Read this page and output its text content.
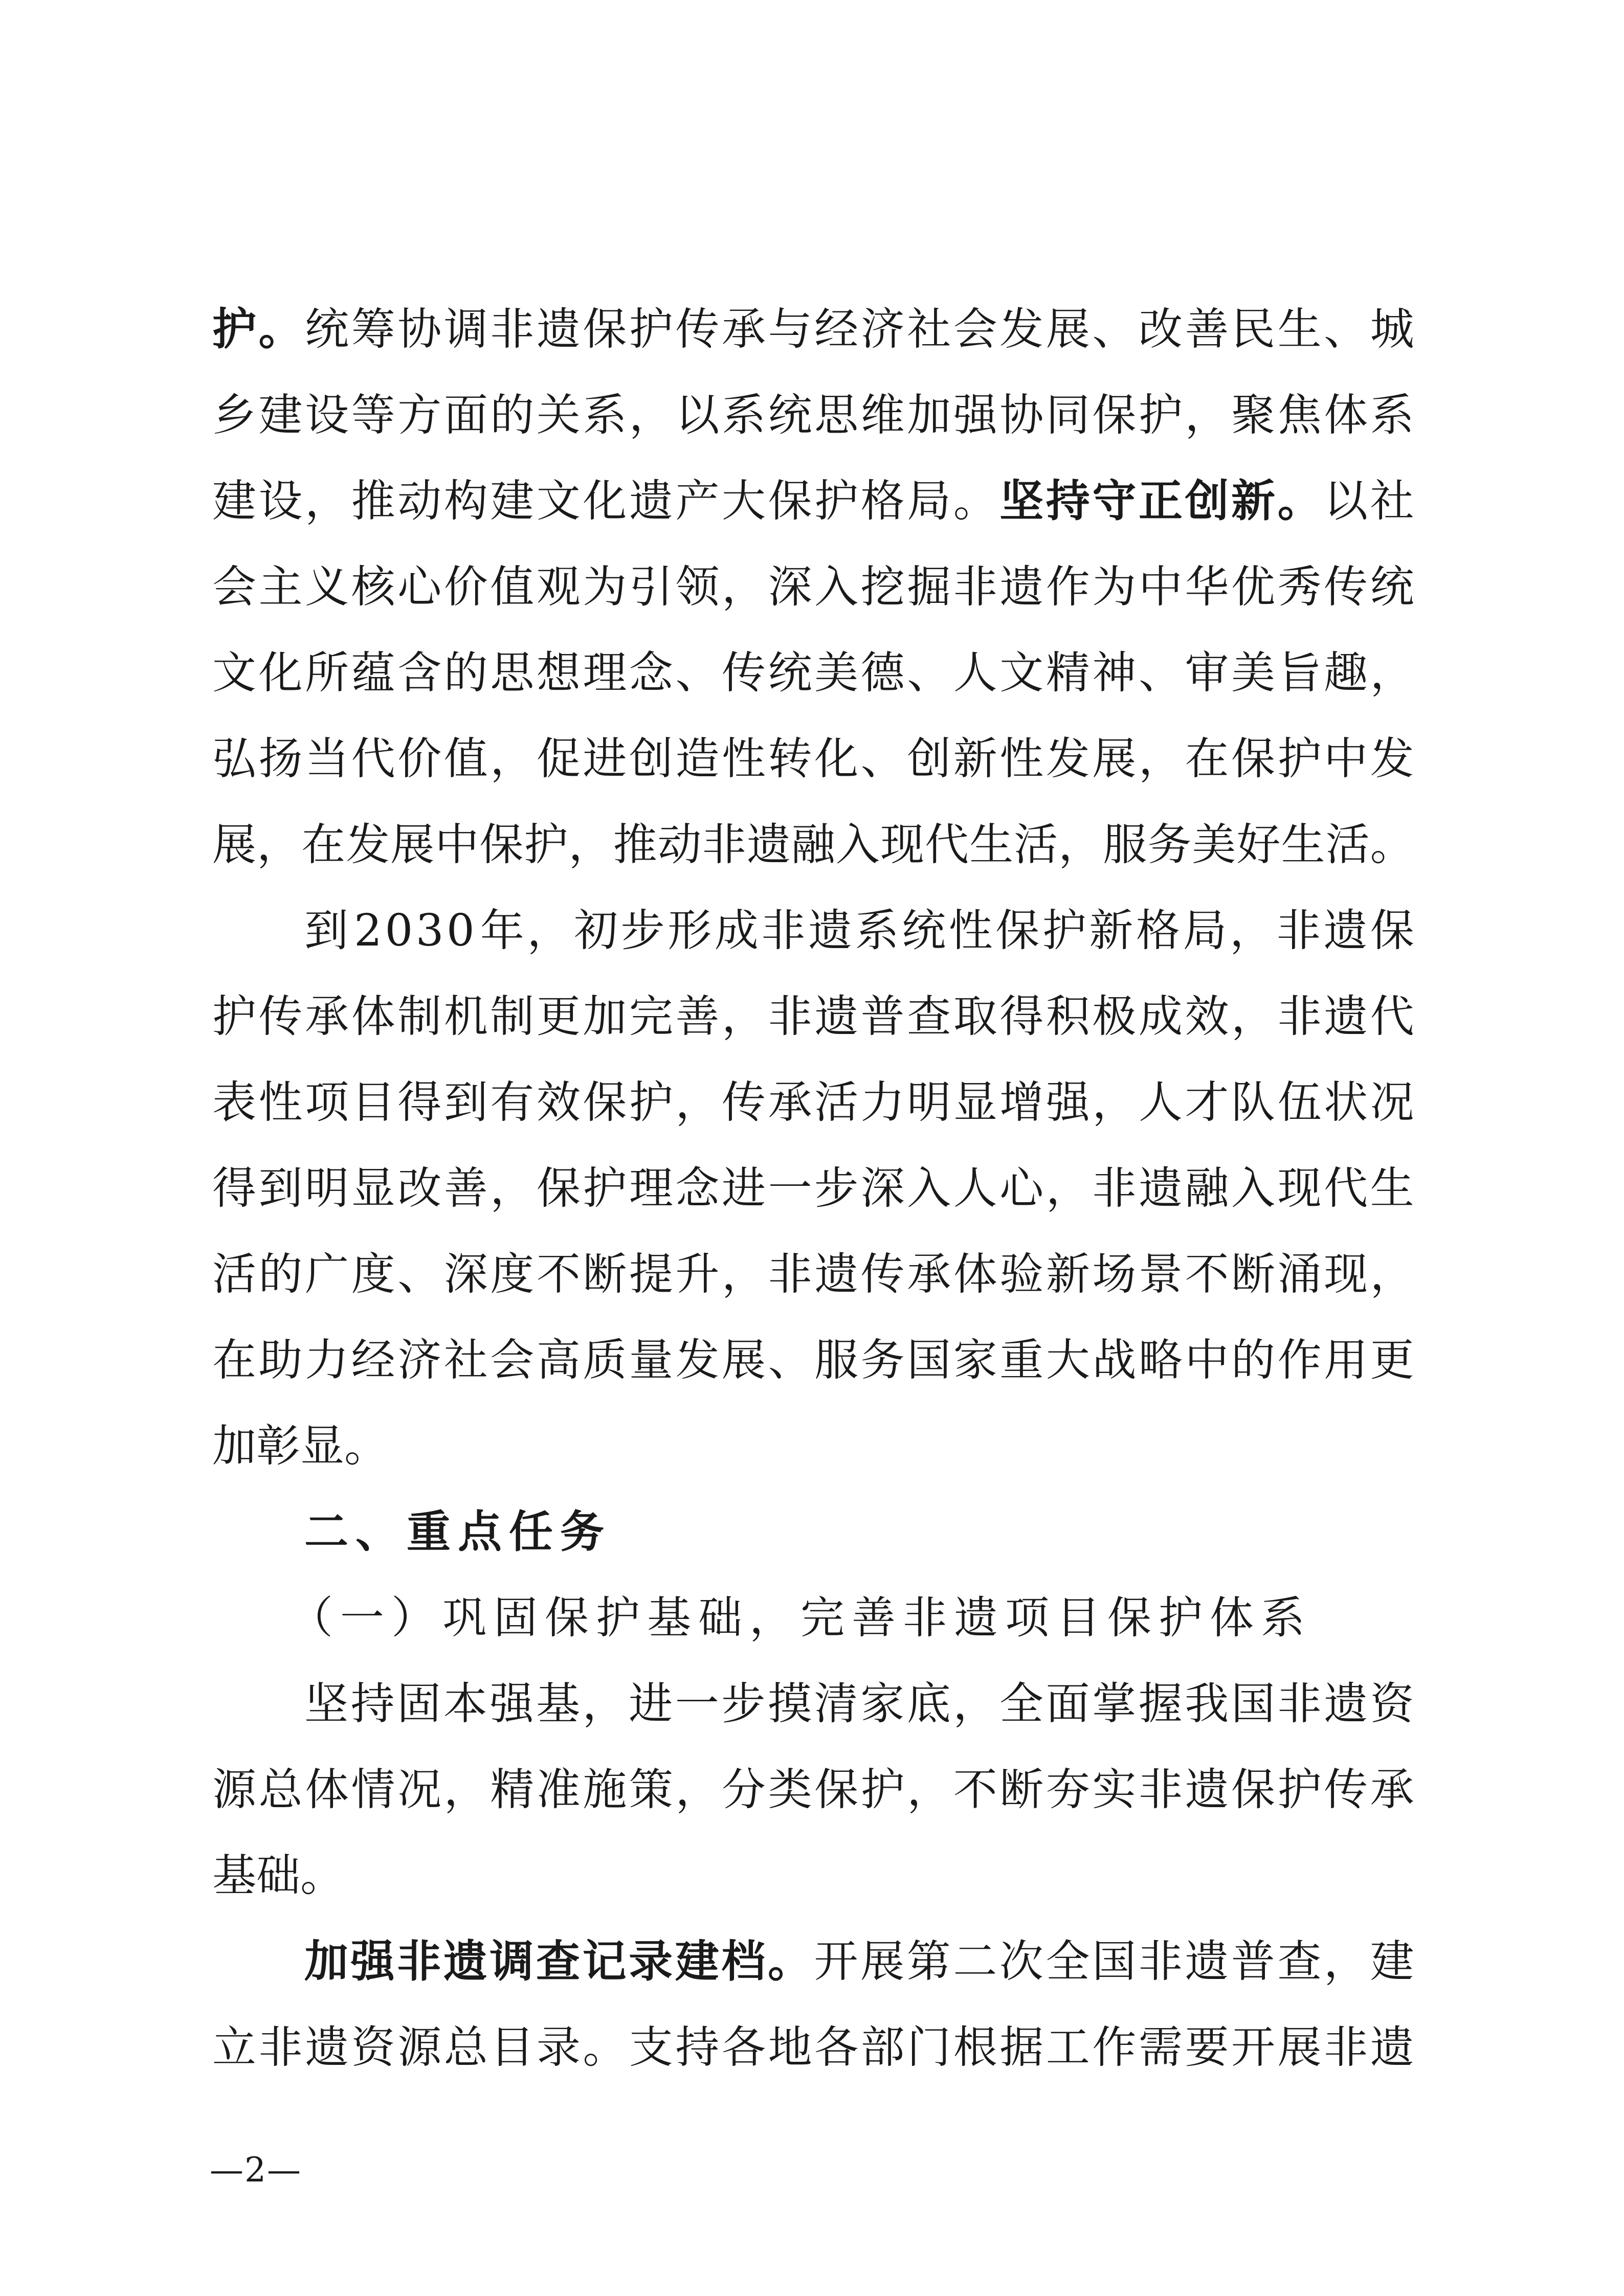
护 。 统 筹 协 调 非 遗 保 护 传 承 与 经 济 社 会 发 展 、 改 善 民 生 、 城
乡 建 设 等 方 面 的 关 系 ， 以 系 统 思 维 加 强 协 同 保 护 ， 聚 焦 体 系
建 设 ， 推 动 构 建 文 化 遗 产 大 保 护 格 局 。 坚 持 守 正 创 新 。 以 社
会 主 义 核 心 价 值 观 为 引 领 ， 深 入 挖 掘 非 遗 作 为 中 华 优 秀 传 统
文 化 所 蕴 含 的 思 想 理 念 、 传 统 美 德 、 人 文 精 神 、 审 美 旨 趣 ，
弘 扬 当 代 价 值 ， 促 进 创 造 性 转 化 、 创 新 性 发 展 ， 在 保 护 中 发
展 ， 在 发 展 中 保 护 ， 推 动 非 遗 融 入 现 代 生 活 ， 服 务 美 好 生 活 。
到 2 0 3 0 年 ， 初 步 形 成 非 遗 系 统 性 保 护 新 格 局 ， 非 遗 保
护 传 承 体 制 机 制 更 加 完 善 ， 非 遗 普 查 取 得 积 极 成 效 ， 非 遗 代
表 性 项 目 得 到 有 效 保 护 ， 传 承 活 力 明 显 增 强 ， 人 才 队 伍 状 况
得 到 明 显 改 善 ， 保 护 理 念 进 一 步 深 入 人 心 ， 非 遗 融 入 现 代 生
活 的 广 度 、 深 度 不 断 提 升 ， 非 遗 传 承 体 验 新 场 景 不 断 涌 现 ，
在 助 力 经 济 社 会 高 质 量 发 展 、 服 务 国 家 重 大 战 略 中 的 作 用 更
加 彰 显 。
二、重点任务
（一）巩固保护基础，完善非遗项目保护体系
坚 持 固 本 强 基 ， 进 一 步 摸 清 家 底 ， 全 面 掌 握 我 国 非 遗 资
源 总 体 情 况 ， 精 准 施 策 ， 分 类 保 护 ， 不 断 夯 实 非 遗 保 护 传 承
基 础 。
加 强 非 遗 调 查 记 录 建 档 。 开 展 第 二 次 全 国 非 遗 普 查 ， 建
立 非 遗 资 源 总 目 录 。 支 持 各 地 各 部 门 根 据 工 作 需 要 开 展 非 遗
—2—
